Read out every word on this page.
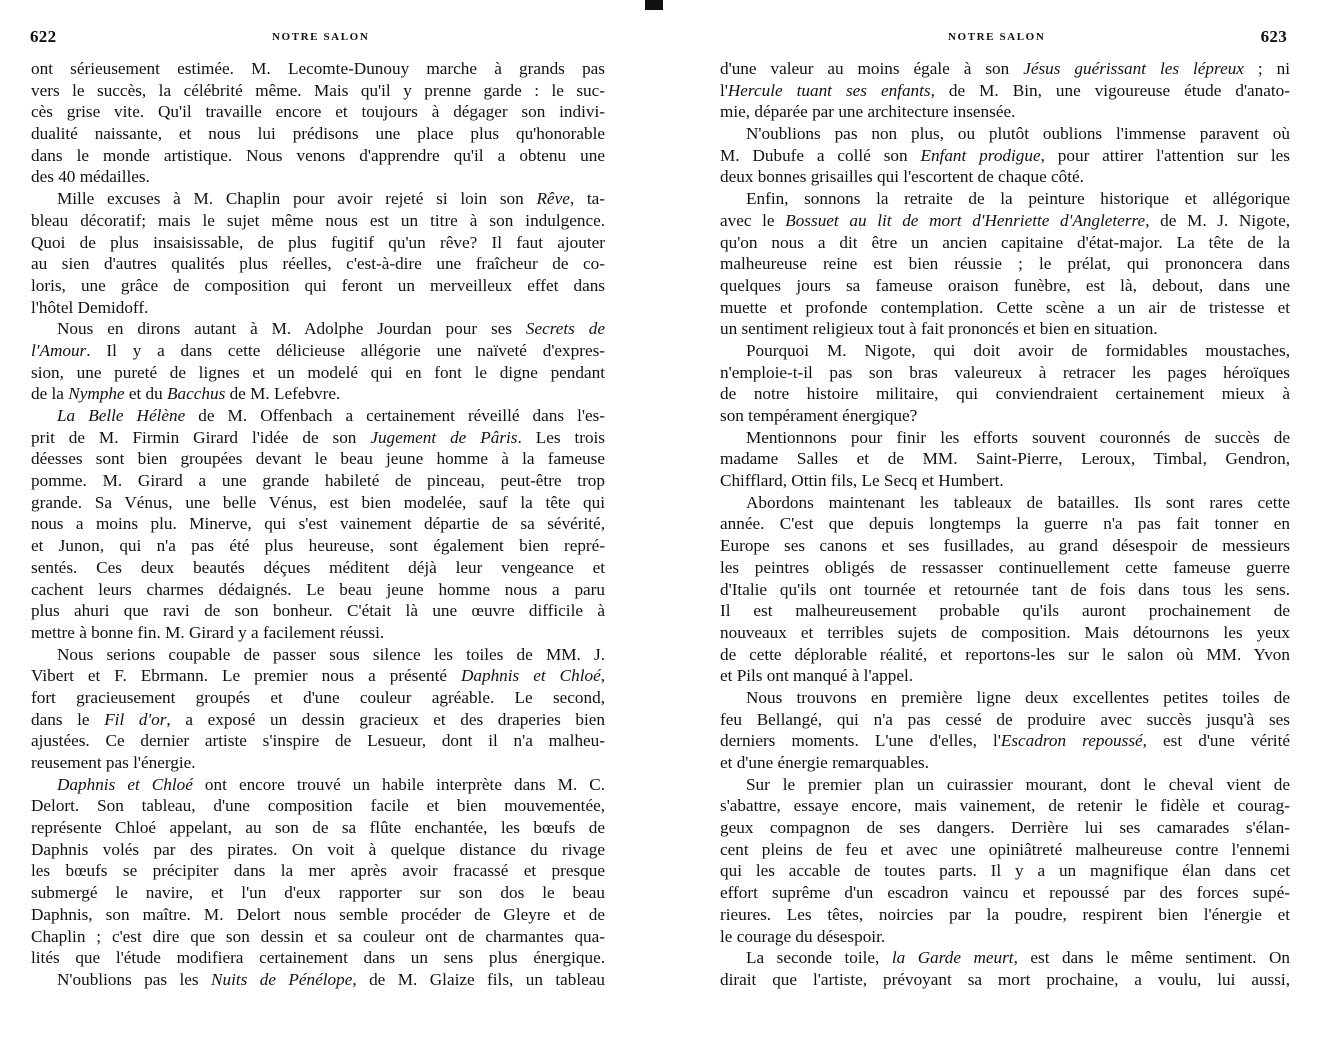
622	NOTRE SALON
ont sérieusement estimée. M. Lecomte-Dunouy marche à grands pas
vers le succès, la célébrité même. Mais qu'il y prenne garde : le suc-
cès grise vite. Qu'il travaille encore et toujours à dégager son indivi-
dualité naissante, et nous lui prédisons une place plus qu'honorable
dans le monde artistique. Nous venons d'apprendre qu'il a obtenu une
des 40 médailles.
Mille excuses à M. Chaplin pour avoir rejeté si loin son Rêve, ta-
bleau décoratif; mais le sujet même nous est un titre à son indulgence.
Quoi de plus insaisissable, de plus fugitif qu'un rêve? Il faut ajouter
au sien d'autres qualités plus réelles, c'est-à-dire une fraîcheur de co-
loris, une grâce de composition qui feront un merveilleux effet dans
l'hôtel Demidoff.
Nous en dirons autant à M. Adolphe Jourdan pour ses Secrets de
l'Amour. Il y a dans cette délicieuse allégorie une naïveté d'expres-
sion, une pureté de lignes et un modelé qui en font le digne pendant
de la Nymphe et du Bacchus de M. Lefebvre.
La Belle Hélène de M. Offenbach a certainement réveillé dans l'es-
prit de M. Firmin Girard l'idée de son Jugement de Pâris. Les trois
déesses sont bien groupées devant le beau jeune homme à la fameuse
pomme. M. Girard a une grande habileté de pinceau, peut-être trop
grande. Sa Vénus, une belle Vénus, est bien modelée, sauf la tête qui
nous a moins plu. Minerve, qui s'est vainement départie de sa sévérité,
et Junon, qui n'a pas été plus heureuse, sont également bien repré-
sentés. Ces deux beautés déçues méditent déjà leur vengeance et
cachent leurs charmes dédaignés. Le beau jeune homme nous a paru
plus ahuri que ravi de son bonheur. C'était là une œuvre difficile à
mettre à bonne fin. M. Girard y a facilement réussi.
Nous serions coupable de passer sous silence les toiles de MM. J.
Vibert et F. Ebrmann. Le premier nous a présenté Daphnis et Chloé,
fort gracieusement groupés et d'une couleur agréable. Le second,
dans le Fil d'or, a exposé un dessin gracieux et des draperies bien
ajustées. Ce dernier artiste s'inspire de Lesueur, dont il n'a malheu-
reusement pas l'énergie.
Daphnis et Chloé ont encore trouvé un habile interprète dans M. C.
Delort. Son tableau, d'une composition facile et bien mouvementée,
représente Chloé appelant, au son de sa flûte enchantée, les bœufs de
Daphnis volés par des pirates. On voit à quelque distance du rivage
les bœufs se précipiter dans la mer après avoir fracassé et presque
submergé le navire, et l'un d'eux rapporter sur son dos le beau
Daphnis, son maître. M. Delort nous semble procéder de Gleyre et de
Chaplin ; c'est dire que son dessin et sa couleur ont de charmantes qua-
lités que l'étude modifiera certainement dans un sens plus énergique.
N'oublions pas les Nuits de Pénélope, de M. Glaize fils, un tableau
NOTRE SALON	623
d'une valeur au moins égale à son Jésus guérissant les lépreux ; ni
l'Hercule tuant ses enfants, de M. Bin, une vigoureuse étude d'anato-
mie, déparée par une architecture insensée.
N'oublions pas non plus, ou plutôt oublions l'immense paravent où
M. Dubufe a collé son Enfant prodigue, pour attirer l'attention sur les
deux bonnes grisailles qui l'escortent de chaque côté.
Enfin, sonnons la retraite de la peinture historique et allégorique
avec le Bossuet au lit de mort d'Henriette d'Angleterre, de M. J. Nigote,
qu'on nous a dit être un ancien capitaine d'état-major. La tête de la
malheureuse reine est bien réussie ; le prélat, qui prononcera dans
quelques jours sa fameuse oraison funèbre, est là, debout, dans une
muette et profonde contemplation. Cette scène a un air de tristesse et
un sentiment religieux tout à fait prononcés et bien en situation.
Pourquoi M. Nigote, qui doit avoir de formidables moustaches,
n'emploie-t-il pas son bras valeureux à retracer les pages héroïques
de notre histoire militaire, qui conviendraient certainement mieux à
son tempérament énergique?
Mentionnons pour finir les efforts souvent couronnés de succès de
madame Salles et de MM. Saint-Pierre, Leroux, Timbal, Gendron,
Chifflard, Ottin fils, Le Secq et Humbert.
Abordons maintenant les tableaux de batailles. Ils sont rares cette
année. C'est que depuis longtemps la guerre n'a pas fait tonner en
Europe ses canons et ses fusillades, au grand désespoir de messieurs
les peintres obligés de ressasser continuellement cette fameuse guerre
d'Italie qu'ils ont tournée et retournée tant de fois dans tous les sens.
Il est malheureusement probable qu'ils auront prochainement de
nouveaux et terribles sujets de composition. Mais détournons les yeux
de cette déplorable réalité, et reportons-les sur le salon où MM. Yvon
et Pils ont manqué à l'appel.
Nous trouvons en première ligne deux excellentes petites toiles de
feu Bellangé, qui n'a pas cessé de produire avec succès jusqu'à ses
derniers moments. L'une d'elles, l'Escadron repoussé, est d'une vérité
et d'une énergie remarquables.
Sur le premier plan un cuirassier mourant, dont le cheval vient de
s'abattre, essaye encore, mais vainement, de retenir le fidèle et courag-
geux compagnon de ses dangers. Derrière lui ses camarades s'élan-
cent pleins de feu et avec une opiniâtreté malheureuse contre l'ennemi
qui les accable de toutes parts. Il y a un magnifique élan dans cet
effort suprême d'un escadron vaincu et repoussé par des forces supé-
rieures. Les têtes, noircies par la poudre, respirent bien l'énergie et
le courage du désespoir.
La seconde toile, la Garde meurt, est dans le même sentiment. On
dirait que l'artiste, prévoyant sa mort prochaine, a voulu, lui aussi,
